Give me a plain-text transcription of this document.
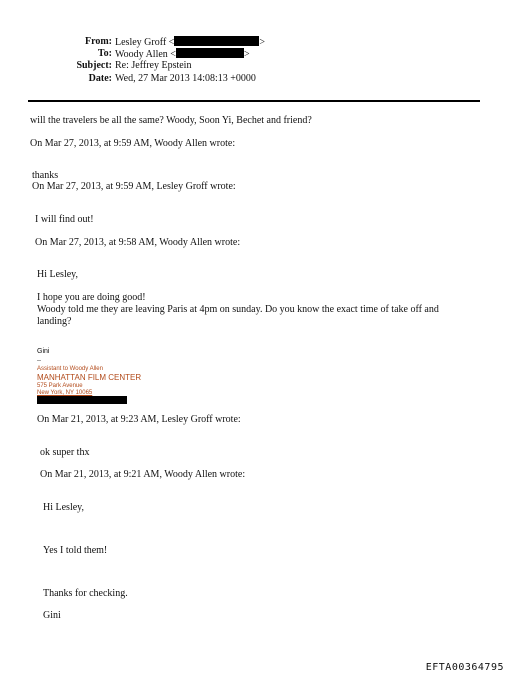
From: Lesley Groff <	>
To: Woody Allen <	>
Subject: Re: Jeffrey Epstein
Date: Wed, 27 Mar 2013 14:08:13 +0000
will the travelers be all the same? Woody, Soon Yi, Bechet and friend?
On Mar 27, 2013, at 9:59 AM, Woody Allen wrote:
thanks
On Mar 27, 2013, at 9:59 AM, Lesley Groff wrote:
I will find out!
On Mar 27, 2013, at 9:58 AM, Woody Allen wrote:
Hi Lesley,
I hope you are doing good!
Woody told me they are leaving Paris at 4pm on sunday. Do you know the exact time of take off and
landing?
Gini
--
Assistant to Woody Allen
MANHATTAN FILM CENTER
575 Park Avenue
New York, NY 10065
On Mar 21, 2013, at 9:23 AM, Lesley Groff wrote:
ok super thx
On Mar 21, 2013, at 9:21 AM, Woody Allen wrote:
Hi Lesley,
Yes I told them!
Thanks for checking.
Gini
EFTA00364795
